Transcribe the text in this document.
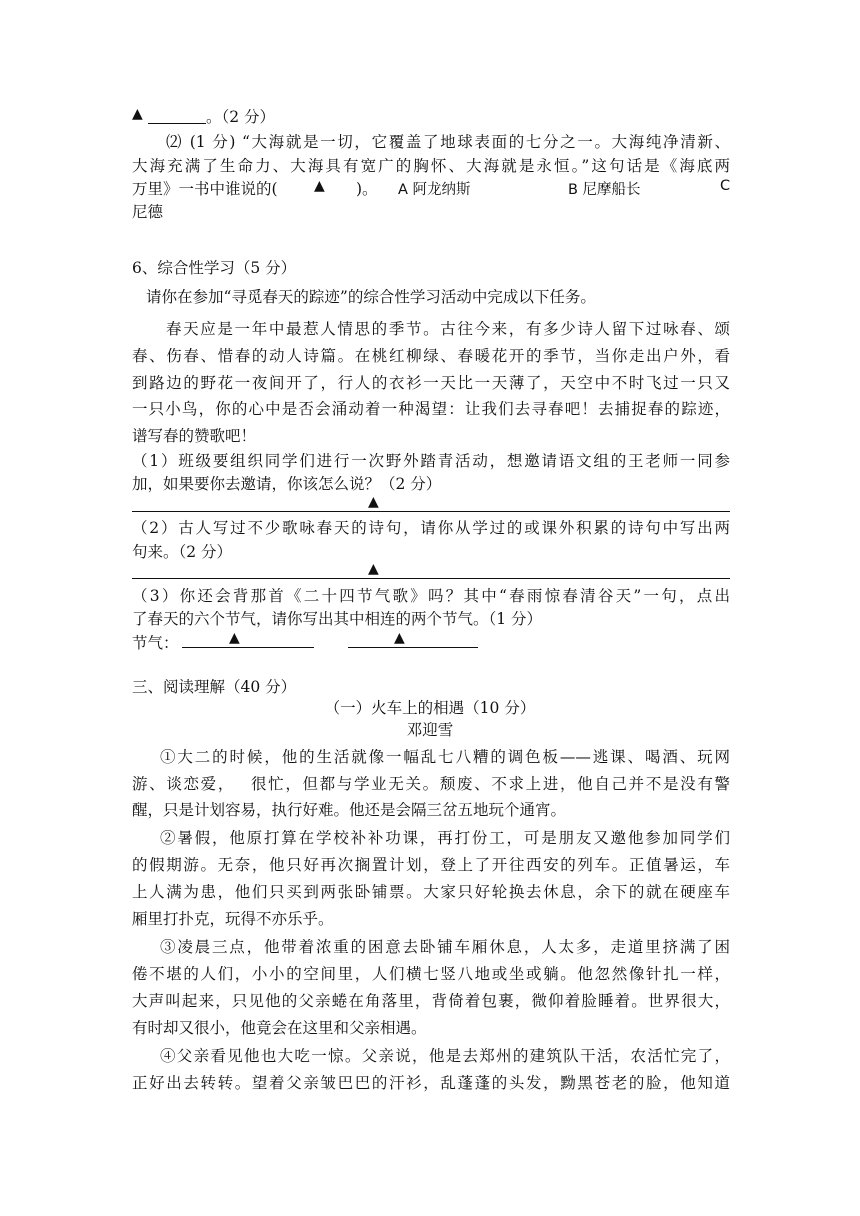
▲	。（2 分）
⑵ (1 分) “大海就是一切，它覆盖了地球表面的七分之一。大海纯净清新、
大海充满了生命力、大海具有宽广的胸怀、大海就是永恒。”这句话是《海底两
万里》一书中谁说的(	▲ )。 A 阿龙纳斯	B 尼摩船长	C
尼德
6、综合性学习（5 分）
请你在参加“寻觅春天的踪迹”的综合性学习活动中完成以下任务。
春天应是一年中最惹人情思的季节。古往今来，有多少诗人留下过咏春、颂
春、伤春、惜春的动人诗篇。在桃红柳绿、春暖花开的季节，当你走出户外，看
到路边的野花一夜间开了，行人的衣衫一天比一天薄了，天空中不时飞过一只又
一只小鸟，你的心中是否会涌动着一种渴望：让我们去寻春吧！去捕捉春的踪迹，
谱写春的赞歌吧！
（1）班级要组织同学们进行一次野外踏青活动，想邀请语文组的王老师一同参
加，如果要你去邀请，你该怎么说？（2 分）
▲
（2）古人写过不少歌咏春天的诗句，请你从学过的或课外积累的诗句中写出两
句来。（2 分）
▲
（3）你还会背那首《二十四节气歌》吗？其中“春雨惊春清谷天”一句，点出
了春天的六个节气，请你写出其中相连的两个节气。（1 分）
节气：	▲	▲
三、阅读理解（40 分）
（一）火车上的相遇（10 分）
邓迎雪
①大二的时候，他的生活就像一幅乱七八糟的调色板——逃课、喝酒、玩网
游、谈恋爱，　 很忙，但都与学业无关。颓废、不求上进，他自己并不是没有警
醒，只是计划容易，执行好难。他还是会隔三岔五地玩个通宵。
②暑假，他原打算在学校补补功课，再打份工，可是朋友又邀他参加同学们
的假期游。无奈，他只好再次搁置计划，登上了开往西安的列车。正值暑运，车
上人满为患，他们只买到两张卧铺票。大家只好轮换去休息，余下的就在硬座车
厢里打扑克，玩得不亦乐乎。
③凌晨三点，他带着浓重的困意去卧铺车厢休息，人太多，走道里挤满了困
倦不堪的人们，小小的空间里，人们横七竖八地或坐或躺。他忽然像针扎一样，
大声叫起来，只见他的父亲蜷在角落里，背倚着包裹，微仰着脸睡着。世界很大，
有时却又很小，他竟会在这里和父亲相遇。
④父亲看见他也大吃一惊。父亲说，他是去郑州的建筑队干活，农活忙完了，
正好出去转转。望着父亲皱巴巴的汗衫，乱蓬蓬的头发，黝黑苍老的脸，他知道
